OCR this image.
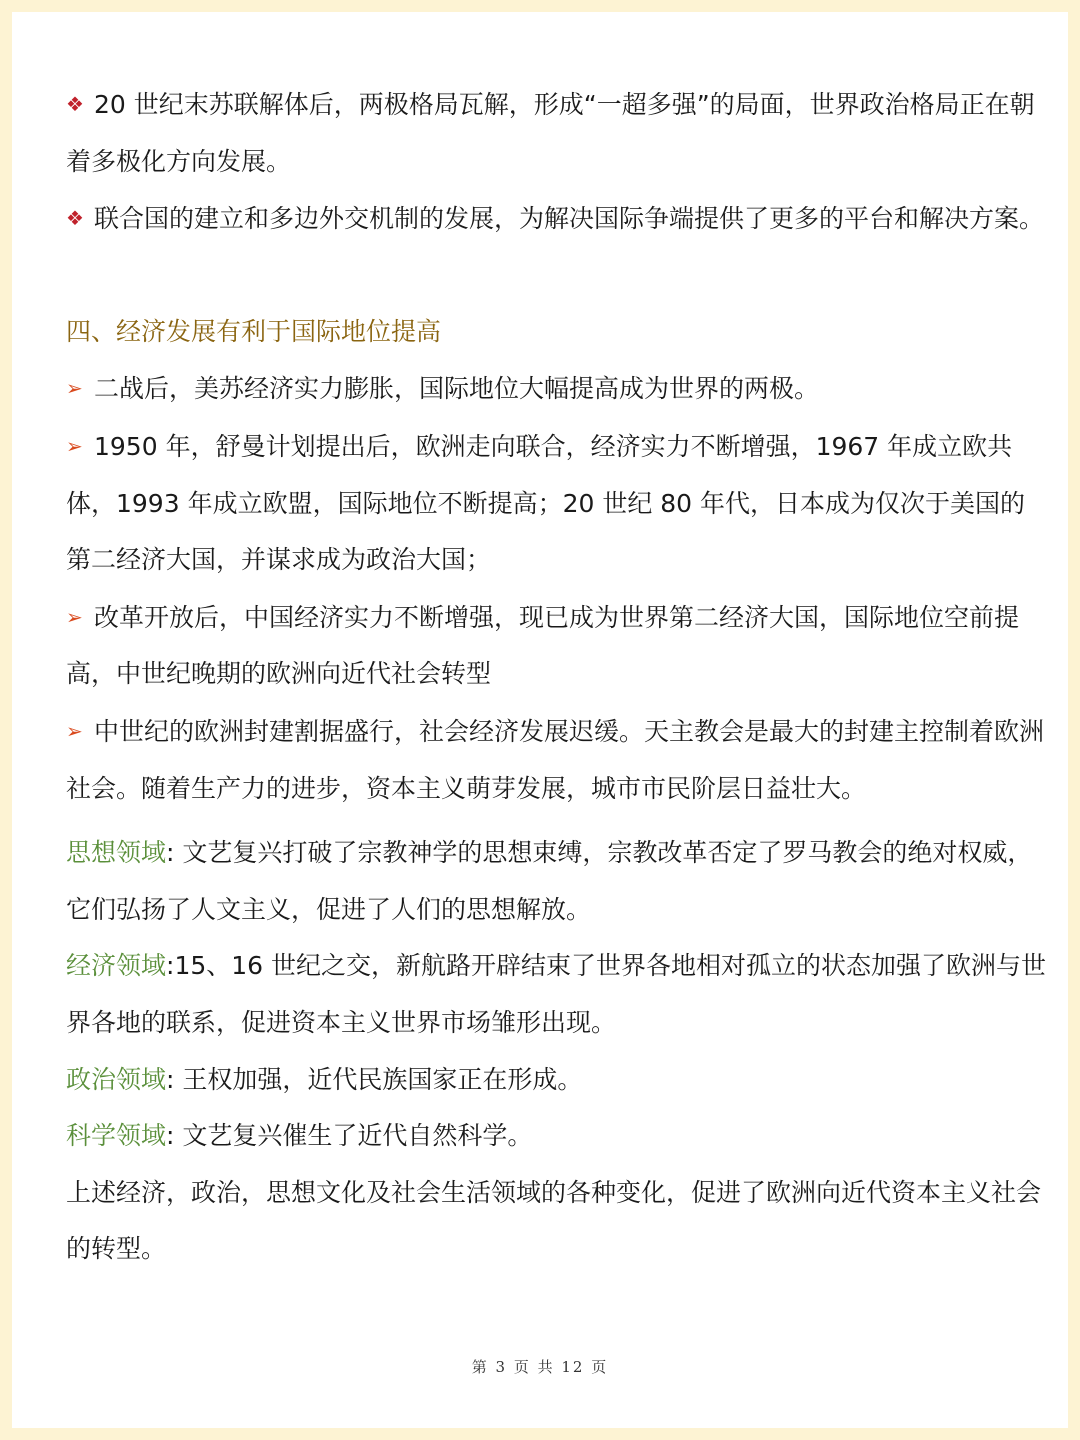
❖ 20 世纪末苏联解体后，两极格局瓦解，形成“一超多强”的局面，世界政治格局正在朝着多极化方向发展。

❖ 联合国的建立和多边外交机制的发展，为解决国际争端提供了更多的平台和解决方案。

四、经济发展有利于国际地位提高

➢ 二战后，美苏经济实力膨胀，国际地位大幅提高成为世界的两极。

➢ 1950 年，舒曼计划提出后，欧洲走向联合，经济实力不断增强，1967 年成立欧共体，1993 年成立欧盟，国际地位不断提高；20 世纪 80 年代，日本成为仅次于美国的第二经济大国，并谋求成为政治大国；

➢ 改革开放后，中国经济实力不断增强，现已成为世界第二经济大国，国际地位空前提高，中世纪晚期的欧洲向近代社会转型

➢ 中世纪的欧洲封建割据盛行，社会经济发展迟缓。天主教会是最大的封建主控制着欧洲社会。随着生产力的进步，资本主义萌芽发展，城市市民阶层日益壮大。

思想领域: 文艺复兴打破了宗教神学的思想束缚，宗教改革否定了罗马教会的绝对权威，它们弘扬了人文主义，促进了人们的思想解放。

经济领域:15、16 世纪之交，新航路开辟结束了世界各地相对孤立的状态加强了欧洲与世界各地的联系，促进资本主义世界市场雏形出现。

政治领域: 王权加强，近代民族国家正在形成。

科学领域: 文艺复兴催生了近代自然科学。

上述经济，政治，思想文化及社会生活领域的各种变化，促进了欧洲向近代资本主义社会的转型。

第 3 页 共 12 页
